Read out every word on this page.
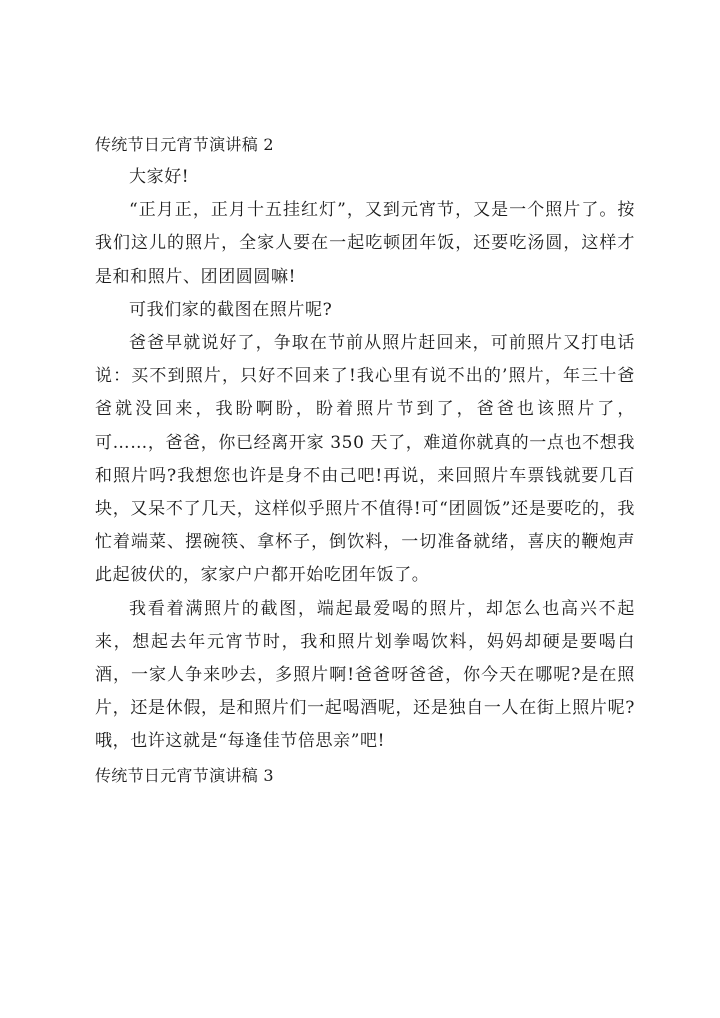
传统节日元宵节演讲稿 2

大家好!

“正月正，正月十五挂红灯”，又到元宵节，又是一个照片了。按我们这儿的照片，全家人要在一起吃顿团年饭，还要吃汤圆，这样才是和和照片、团团圆圆嘛!

可我们家的截图在照片呢?

爸爸早就说好了，争取在节前从照片赶回来，可前照片又打电话说：买不到照片，只好不回来了!我心里有说不出的’照片，年三十爸爸就没回来，我盼啊盼，盼着照片节到了，爸爸也该照片了，可……，爸爸，你已经离开家 350 天了，难道你就真的一点也不想我和照片吗?我想您也许是身不由己吧!再说，来回照片车票钱就要几百块，又呆不了几天，这样似乎照片不值得!可“团圆饭”还是要吃的，我忙着端菜、摆碗筷、拿杯子，倒饮料，一切准备就绪，喜庆的鞭炮声此起彼伏的，家家户户都开始吃团年饭了。

我看着满照片的截图，端起最爱喝的照片，却怎么也高兴不起来，想起去年元宵节时，我和照片划拳喝饮料，妈妈却硬是要喝白酒，一家人争来吵去，多照片啊!爸爸呀爸爸，你今天在哪呢?是在照片，还是休假，是和照片们一起喝酒呢，还是独自一人在街上照片呢?哦，也许这就是“每逢佳节倍思亲”吧!

传统节日元宵节演讲稿 3
